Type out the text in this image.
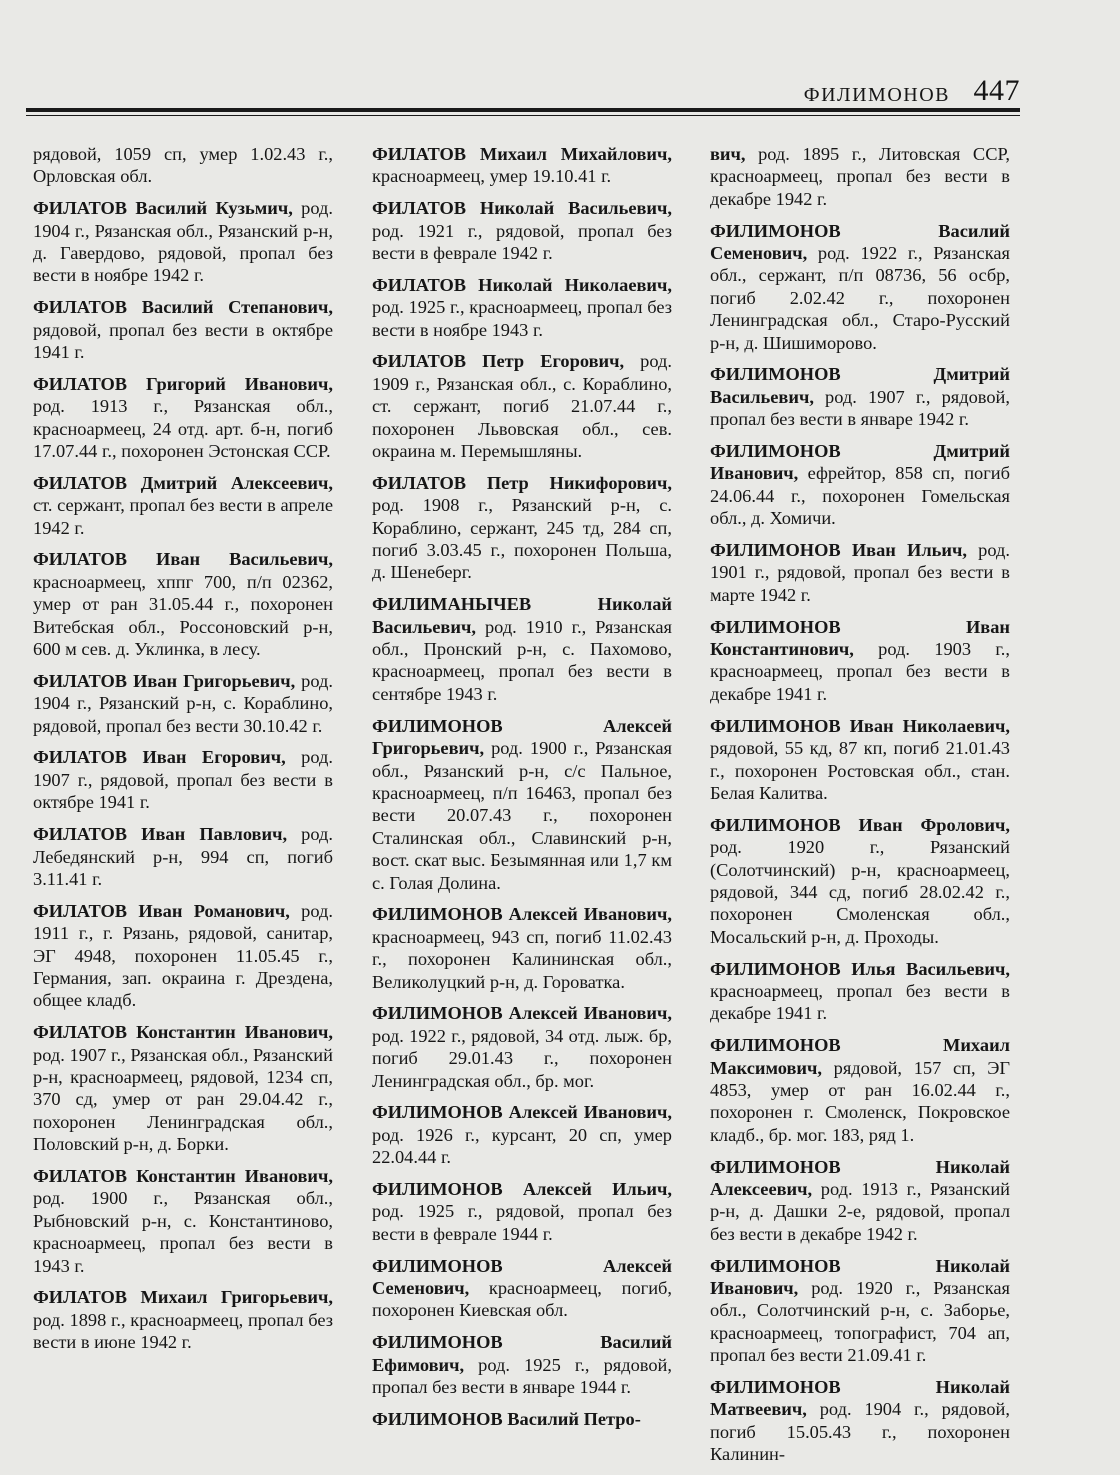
ФИЛИМОНОВ 447

рядовой, 1059 сп, умер 1.02.43 г., Орловская обл.

ФИЛАТОВ Василий Кузьмич, род. 1904 г., Рязанская обл., Рязанский р-н, д. Гавердово, рядовой, пропал без вести в ноябре 1942 г.

ФИЛАТОВ Василий Степанович, рядовой, пропал без вести в октябре 1941 г.

ФИЛАТОВ Григорий Иванович, род. 1913 г., Рязанская обл., красноармеец, 24 отд. арт. б-н, погиб 17.07.44 г., похоронен Эстонская ССР.

ФИЛАТОВ Дмитрий Алексеевич, ст. сержант, пропал без вести в апреле 1942 г.

ФИЛАТОВ Иван Васильевич, красноармеец, хппг 700, п/п 02362, умер от ран 31.05.44 г., похоронен Витебская обл., Россоновский р-н, 600 м сев. д. Уклинка, в лесу.

ФИЛАТОВ Иван Григорьевич, род. 1904 г., Рязанский р-н, с. Кораблино, рядовой, пропал без вести 30.10.42 г.

ФИЛАТОВ Иван Егорович, род. 1907 г., рядовой, пропал без вести в октябре 1941 г.

ФИЛАТОВ Иван Павлович, род. Лебедянский р-н, 994 сп, погиб 3.11.41 г.

ФИЛАТОВ Иван Романович, род. 1911 г., г. Рязань, рядовой, санитар, ЭГ 4948, похоронен 11.05.45 г., Германия, зап. окраина г. Дрездена, общее кладб.

ФИЛАТОВ Константин Иванович, род. 1907 г., Рязанская обл., Рязанский р-н, красноармеец, рядовой, 1234 сп, 370 сд, умер от ран 29.04.42 г., похоронен Ленинградская обл., Половский р-н, д. Борки.

ФИЛАТОВ Константин Иванович, род. 1900 г., Рязанская обл., Рыбновский р-н, с. Константиново, красноармеец, пропал без вести в 1943 г.

ФИЛАТОВ Михаил Григорьевич, род. 1898 г., красноармеец, пропал без вести в июне 1942 г.

ФИЛАТОВ Михаил Михайлович, красноармеец, умер 19.10.41 г.

ФИЛАТОВ Николай Васильевич, род. 1921 г., рядовой, пропал без вести в феврале 1942 г.

ФИЛАТОВ Николай Николаевич, род. 1925 г., красноармеец, пропал без вести в ноябре 1943 г.

ФИЛАТОВ Петр Егорович, род. 1909 г., Рязанская обл., с. Кораблино, ст. сержант, погиб 21.07.44 г., похоронен Львовская обл., сев. окраина м. Перемышляны.

ФИЛАТОВ Петр Никифорович, род. 1908 г., Рязанский р-н, с. Кораблино, сержант, 245 тд, 284 сп, погиб 3.03.45 г., похоронен Польша, д. Шенеберг.

ФИЛИМАНЫЧЕВ Николай Васильевич, род. 1910 г., Рязанская обл., Пронский р-н, с. Пахомово, красноармеец, пропал без вести в сентябре 1943 г.

ФИЛИМОНОВ Алексей Григорьевич, род. 1900 г., Рязанская обл., Рязанский р-н, с/с Пальное, красноармеец, п/п 16463, пропал без вести 20.07.43 г., похоронен Сталинская обл., Славинский р-н, вост. скат выс. Безымянная или 1,7 км с. Голая Долина.

ФИЛИМОНОВ Алексей Иванович, красноармеец, 943 сп, погиб 11.02.43 г., похоронен Калининская обл., Великолуцкий р-н, д. Горoватка.

ФИЛИМОНОВ Алексей Иванович, род. 1922 г., рядовой, 34 отд. лыж. бр, погиб 29.01.43 г., похоронен Ленинградская обл., бр. мог.

ФИЛИМОНОВ Алексей Иванович, род. 1926 г., курсант, 20 сп, умер 22.04.44 г.

ФИЛИМОНОВ Алексей Ильич, род. 1925 г., рядовой, пропал без вести в феврале 1944 г.

ФИЛИМОНОВ Алексей Семенович, красноармеец, погиб, похоронен Киевская обл.

ФИЛИМОНОВ Василий Ефимович, род. 1925 г., рядовой, пропал без вести в январе 1944 г.

ФИЛИМОНОВ Василий Петро-

вич, род. 1895 г., Литовская ССР, красноармеец, пропал без вести в декабре 1942 г.

ФИЛИМОНОВ Василий Семенович, род. 1922 г., Рязанская обл., сержант, п/п 08736, 56 осбр, погиб 2.02.42 г., похоронен Ленинградская обл., Старо-Русский р-н, д. Шишиморово.

ФИЛИМОНОВ Дмитрий Васильевич, род. 1907 г., рядовой, пропал без вести в январе 1942 г.

ФИЛИМОНОВ Дмитрий Иванович, ефрейтор, 858 сп, погиб 24.06.44 г., похоронен Гомельская обл., д. Хомичи.

ФИЛИМОНОВ Иван Ильич, род. 1901 г., рядовой, пропал без вести в марте 1942 г.

ФИЛИМОНОВ Иван Константинович, род. 1903 г., красноармеец, пропал без вести в декабре 1941 г.

ФИЛИМОНОВ Иван Николаевич, рядовой, 55 кд, 87 кп, погиб 21.01.43 г., похоронен Ростовская обл., стан. Белая Калитва.

ФИЛИМОНОВ Иван Фролович, род. 1920 г., Рязанский (Солотчинский) р-н, красноармеец, рядовой, 344 сд, погиб 28.02.42 г., похоронен Смоленская обл., Мосальский р-н, д. Проходы.

ФИЛИМОНОВ Илья Васильевич, красноармеец, пропал без вести в декабре 1941 г.

ФИЛИМОНОВ Михаил Максимович, рядовой, 157 сп, ЭГ 4853, умер от ран 16.02.44 г., похоронен г. Смоленск, Покровское кладб., бр. мог. 183, ряд 1.

ФИЛИМОНОВ Николай Алексеевич, род. 1913 г., Рязанский р-н, д. Дашки 2-е, рядовой, пропал без вести в декабре 1942 г.

ФИЛИМОНОВ Николай Иванович, род. 1920 г., Рязанская обл., Солотчинский р-н, с. Заборье, красноармеец, топографист, 704 ап, пропал без вести 21.09.41 г.

ФИЛИМОНОВ Николай Матвеевич, род. 1904 г., рядовой, погиб 15.05.43 г., похоронен Калинин-
